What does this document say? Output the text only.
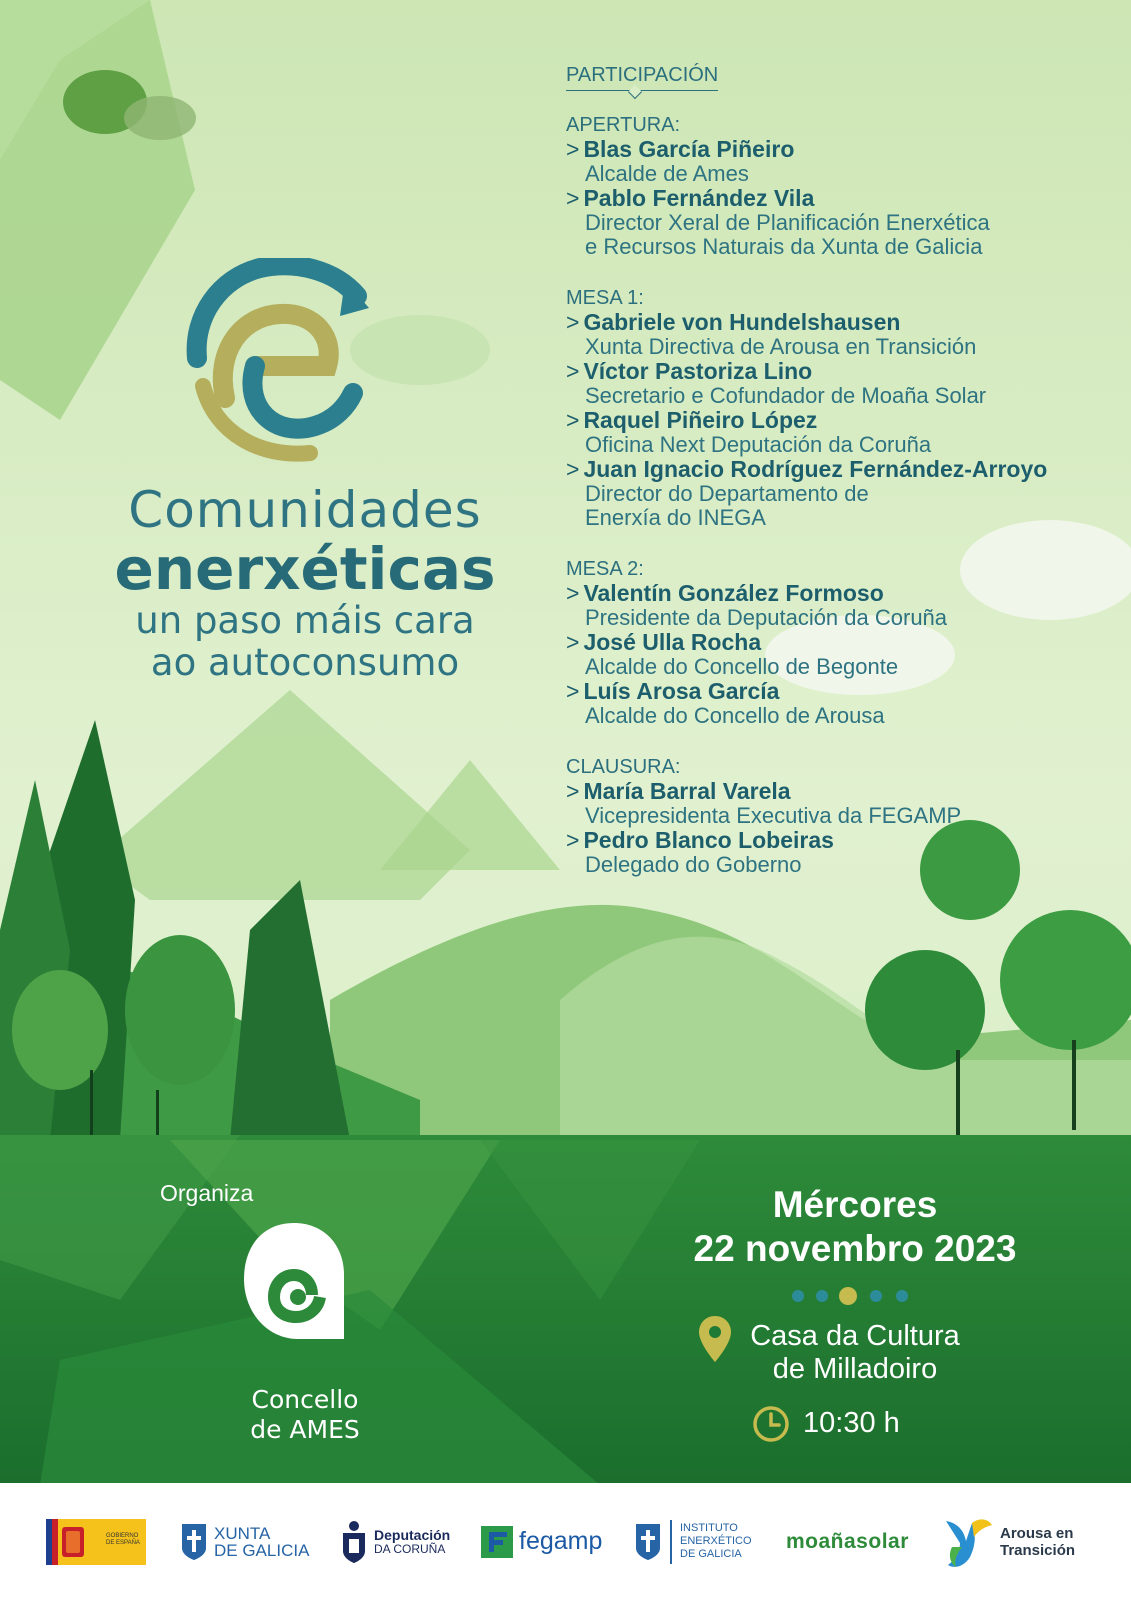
Comunidades
enerxéticas
un paso máis cara
ao autoconsumo
PARTICIPACIÓN
APERTURA:
> Blas García Piñeiro
Alcalde de Ames
> Pablo Fernández Vila
Director Xeral de Planificación Enerxética
e Recursos Naturais da Xunta de Galicia
MESA 1:
> Gabriele von Hundelshausen
Xunta Directiva de Arousa en Transición
> Víctor Pastoriza Lino
Secretario e Cofundador de Moaña Solar
> Raquel Piñeiro López
Oficina Next Deputación da Coruña
> Juan Ignacio Rodríguez Fernández-Arroyo
Director do Departamento de
Enerxía do INEGA
MESA 2:
> Valentín González Formoso
Presidente da Deputación da Coruña
> José Ulla Rocha
Alcalde do Concello de Begonte
> Luís Arosa García
Alcalde do Concello de Arousa
CLAUSURA:
> María Barral Varela
Vicepresidenta Executiva da FEGAMP
> Pedro Blanco Lobeiras
Delegado do Goberno
Organiza
Concello
de AMES
Mércores
22 novembro 2023
Casa da Cultura
de Milladoiro
10:30 h
GOBIERNO
DE ESPAÑA
XUNTA
DE GALICIA
Deputación
DA CORUÑA	fegamp	INSTITUTO
ENERXÉTICO
DE GALICIA
moañasolar	Arousa en
Transición
